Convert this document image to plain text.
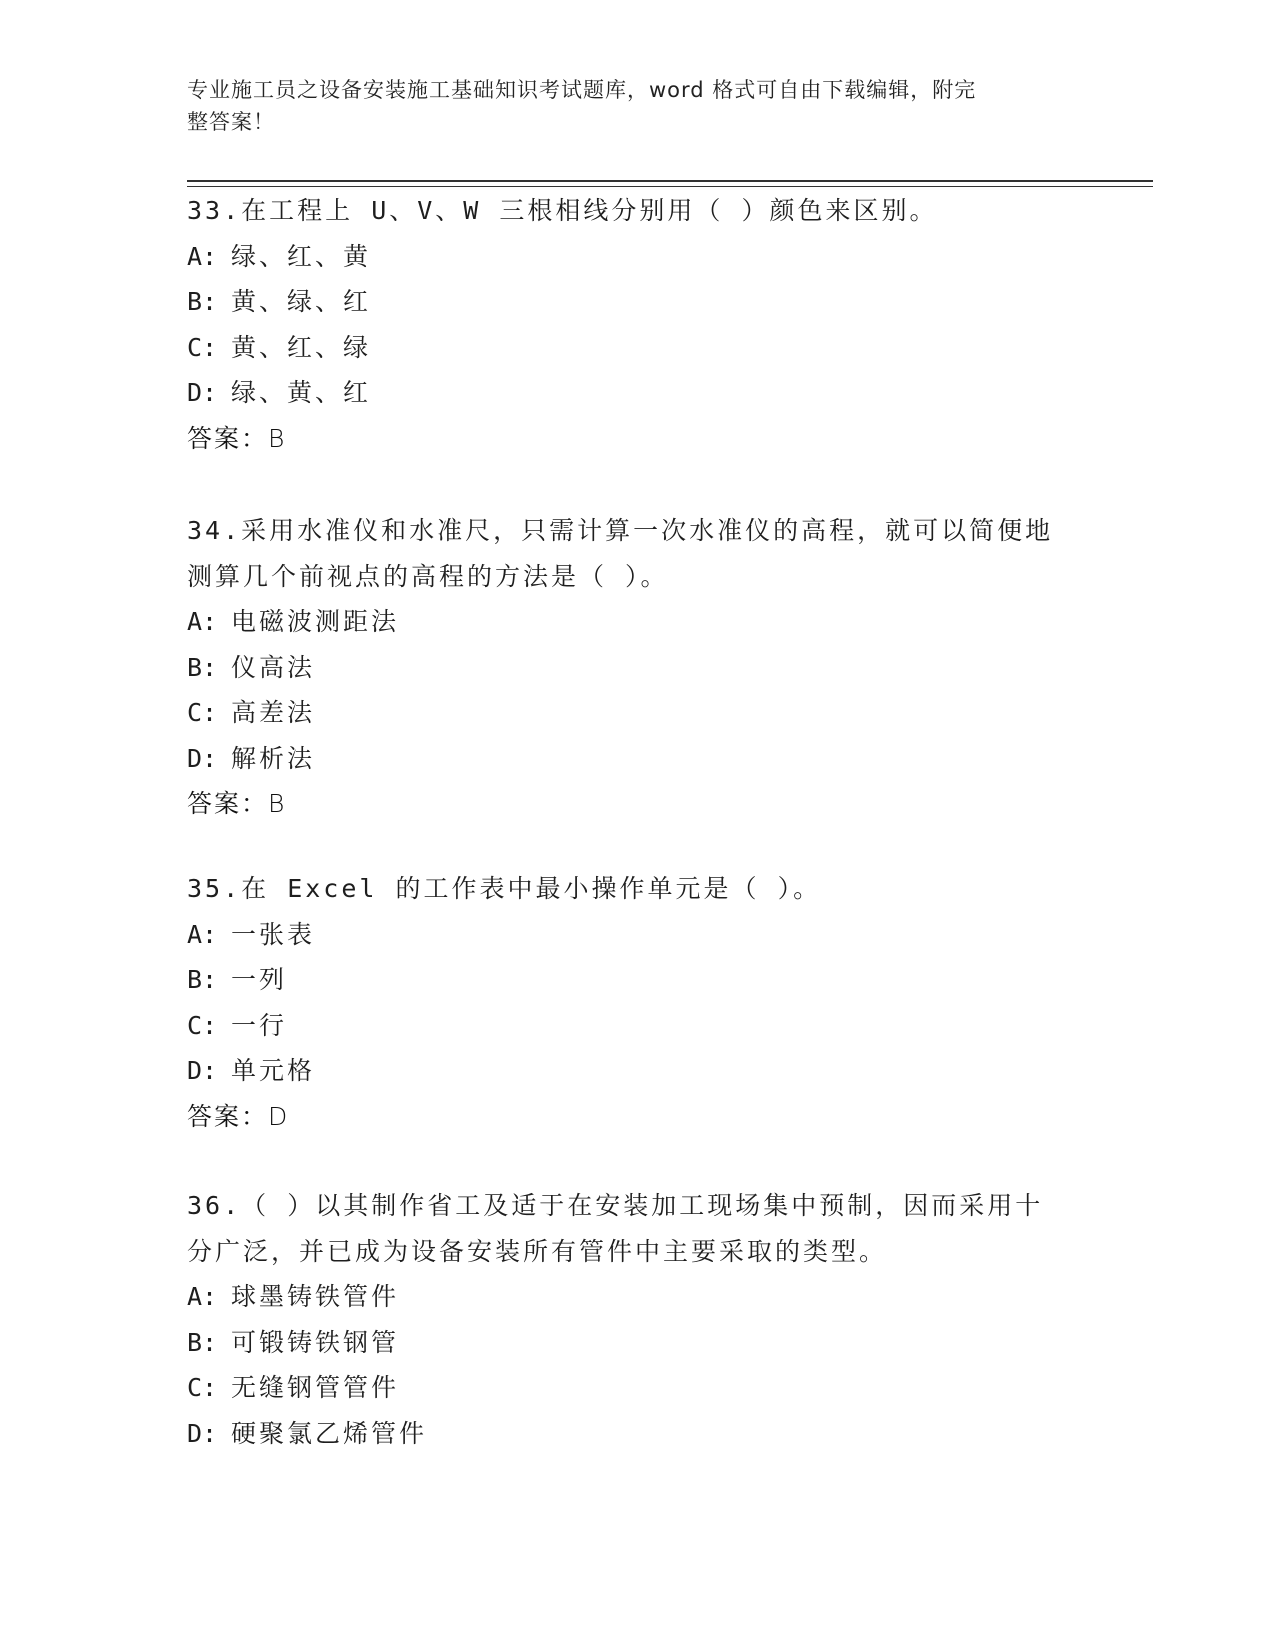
专业施工员之设备安装施工基础知识考试题库，word 格式可自由下载编辑，附完
整答案！
33.在工程上 U、V、W 三根相线分别用（ ）颜色来区别。
A: 绿、红、黄
B: 黄、绿、红
C: 黄、红、绿
D: 绿、黄、红
答案：B
34.采用水准仪和水准尺，只需计算一次水准仪的高程，就可以简便地
测算几个前视点的高程的方法是（ ）。
A: 电磁波测距法
B: 仪高法
C: 高差法
D: 解析法
答案：B
35.在 Excel 的工作表中最小操作单元是（ ）。
A: 一张表
B: 一列
C: 一行
D: 单元格
答案：D
36.（ ）以其制作省工及适于在安装加工现场集中预制，因而采用十
分广泛，并已成为设备安装所有管件中主要采取的类型。
A: 球墨铸铁管件
B: 可锻铸铁钢管
C: 无缝钢管管件
D: 硬聚氯乙烯管件
